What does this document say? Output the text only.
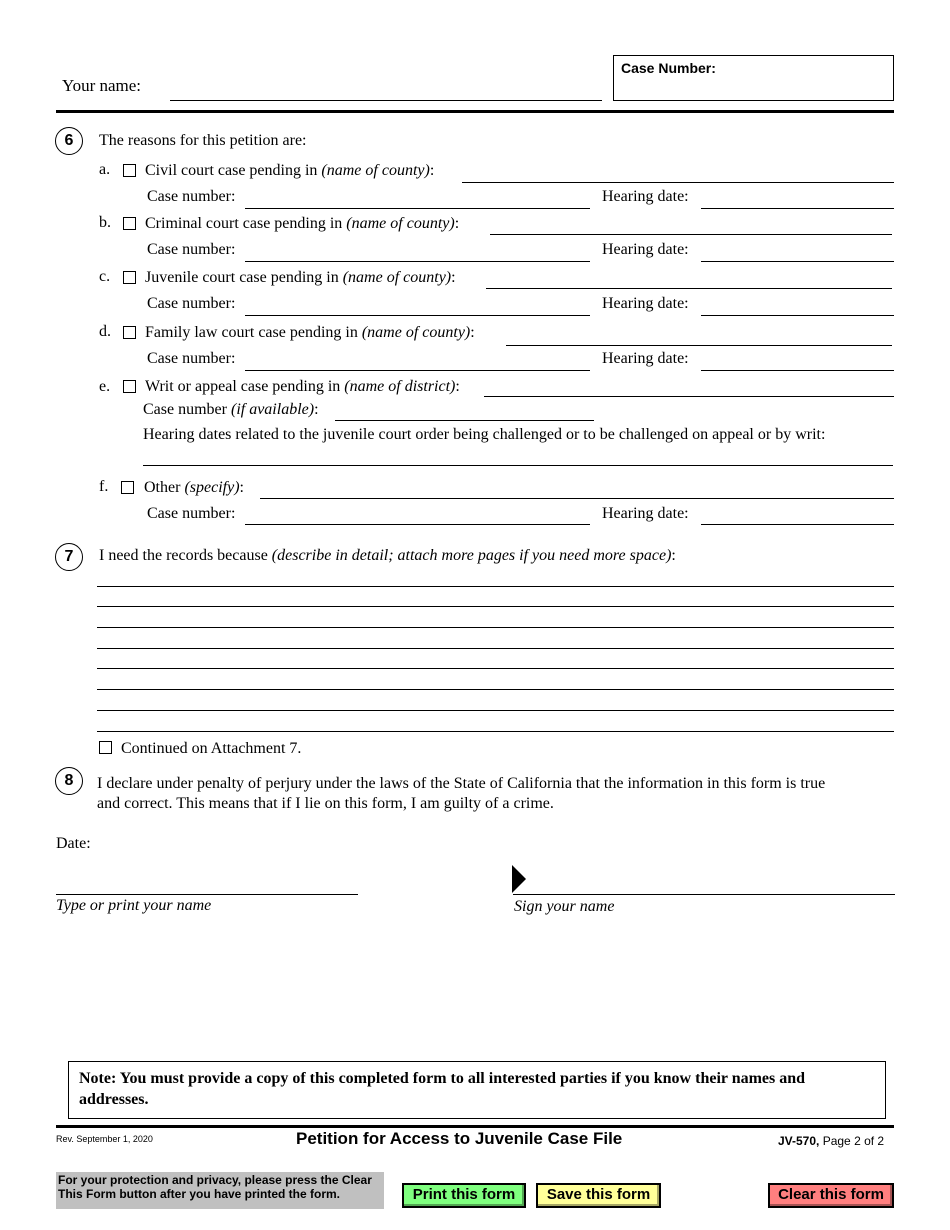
Your name:
Case Number:
6	The reasons for this petition are:
a. Civil court case pending in (name of county):
Case number:	Hearing date:
b. Criminal court case pending in (name of county):
Case number:	Hearing date:
c. Juvenile court case pending in (name of county):
Case number:	Hearing date:
d. Family law court case pending in (name of county):
Case number:	Hearing date:
e. Writ or appeal case pending in (name of district):
Case number (if available):
Hearing dates related to the juvenile court order being challenged or to be challenged on appeal or by writ:
f. Other (specify):
Case number:	Hearing date:
7	I need the records because (describe in detail; attach more pages if you need more space):
Continued on Attachment 7.
8	I declare under penalty of perjury under the laws of the State of California that the information in this form is true
and correct. This means that if I lie on this form, I am guilty of a crime.
Date:
Type or print your name	Sign your name
Note: You must provide a copy of this completed form to all interested parties if you know their names and
addresses.
Rev. September 1, 2020	Petition for Access to Juvenile Case File	JV-570, Page 2 of 2
For your protection and privacy, please press the Clear
This Form button after you have printed the form.	Print this form	Save this form	Clear this form
